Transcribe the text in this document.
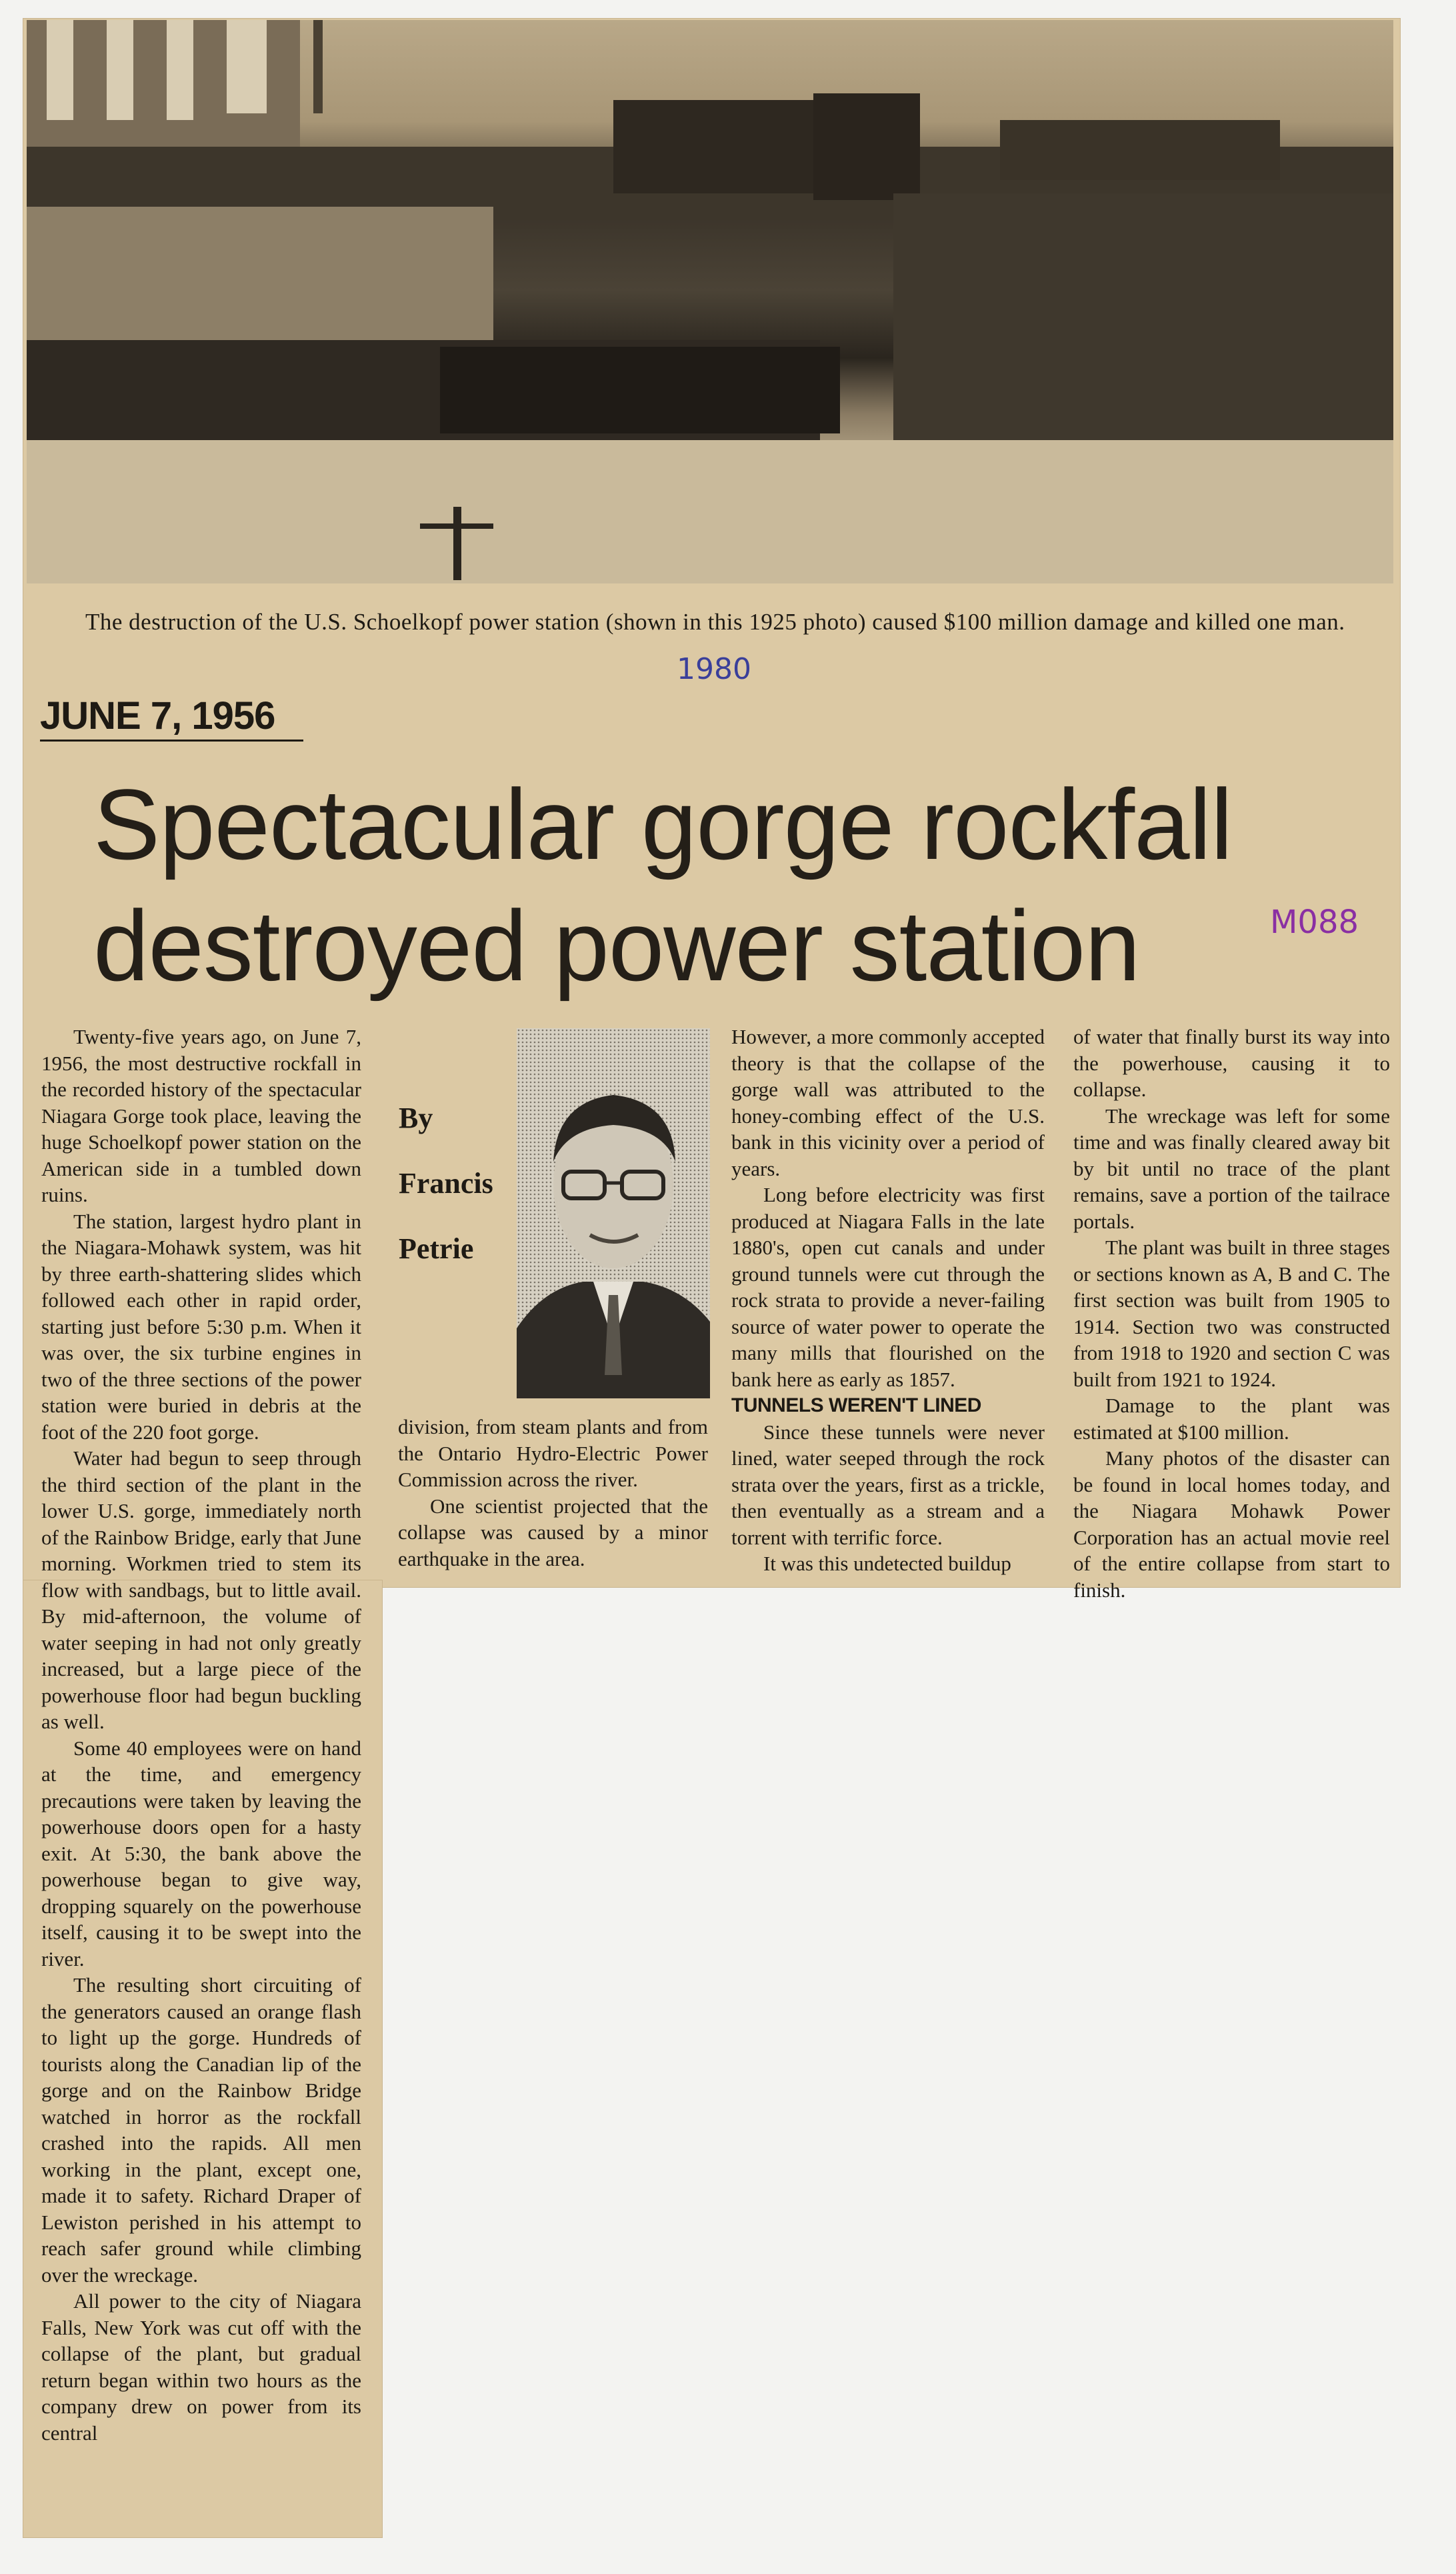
The destruction of the U.S. Schoelkopf power station (shown in this 1925 photo) caused $100 million damage and killed one man.
1980
JUNE 7, 1956
Spectacular gorge rockfall destroyed power station	M088

Twenty-five years ago, on June 7, 1956, the most destructive rockfall in the recorded history of the spectacular Niagara Gorge took place, leaving the huge Schoelkopf power station on the American side in a tumbled down ruins.

The station, largest hydro plant in the Niagara-Mohawk system, was hit by three earth-shattering slides which followed each other in rapid order, starting just before 5:30 p.m. When it was over, the six turbine engines in two of the three sections of the power station were buried in debris at the foot of the 220 foot gorge.

Water had begun to seep through the third section of the plant in the lower U.S. gorge, immediately north of the Rainbow Bridge, early that June morning. Workmen tried to stem its flow with sandbags, but to little avail. By mid-afternoon, the volume of water seeping in had not only greatly increased, but a large piece of the powerhouse floor had begun buckling as well.

Some 40 employees were on hand at the time, and emergency precautions were taken by leaving the powerhouse doors open for a hasty exit. At 5:30, the bank above the powerhouse began to give way, dropping squarely on the powerhouse itself, causing it to be swept into the river.

The resulting short circuiting of the generators caused an orange flash to light up the gorge. Hundreds of tourists along the Canadian lip of the gorge and on the Rainbow Bridge watched in horror as the rockfall crashed into the rapids. All men working in the plant, except one, made it to safety. Richard Draper of Lewiston perished in his attempt to reach safer ground while climbing over the wreckage.

All power to the city of Niagara Falls, New York was cut off with the collapse of the plant, but gradual return began within two hours as the company drew on power from its central

By
Francis
Petrie

division, from steam plants and from the Ontario Hydro-Electric Power Commission across the river.

One scientist projected that the collapse was caused by a minor earthquake in the area.

However, a more commonly accepted theory is that the collapse of the gorge wall was attributed to the honey-combing effect of the U.S. bank in this vicinity over a period of years.

Long before electricity was first produced at Niagara Falls in the late 1880's, open cut canals and under ground tunnels were cut through the rock strata to provide a never-failing source of water power to operate the many mills that flourished on the bank here as early as 1857.

TUNNELS WEREN'T LINED

Since these tunnels were never lined, water seeped through the rock strata over the years, first as a trickle, then eventually as a stream and a torrent with terrific force.

It was this undetected buildup

of water that finally burst its way into the powerhouse, causing it to collapse.

The wreckage was left for some time and was finally cleared away bit by bit until no trace of the plant remains, save a portion of the tailrace portals.

The plant was built in three stages or sections known as A, B and C. The first section was built from 1905 to 1914. Section two was constructed from 1918 to 1920 and section C was built from 1921 to 1924.

Damage to the plant was estimated at $100 million.

Many photos of the disaster can be found in local homes today, and the Niagara Mohawk Power Corporation has an actual movie reel of the entire collapse from start to finish.
